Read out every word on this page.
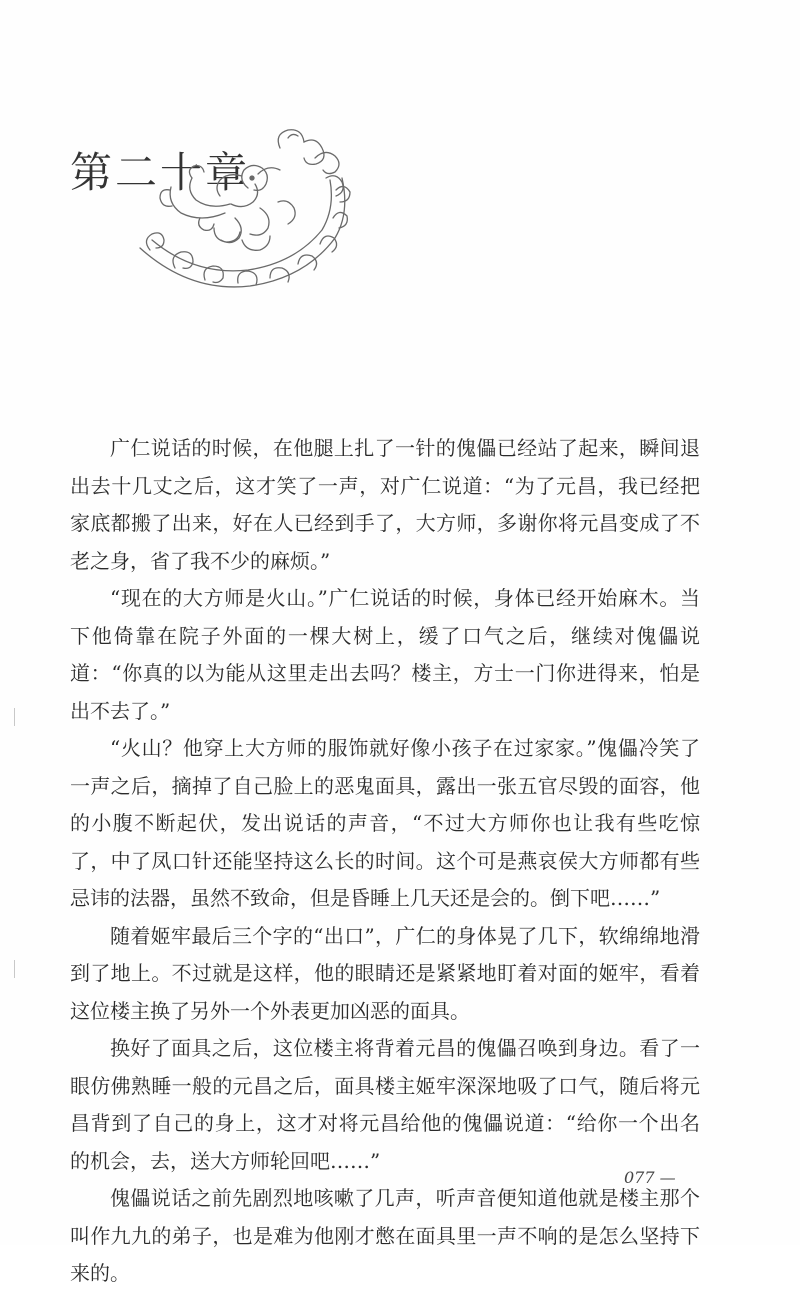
第二十章

广仁说话的时候，在他腿上扎了一针的傀儡已经站了起来，瞬间退出去十几丈之后，这才笑了一声，对广仁说道：“为了元昌，我已经把家底都搬了出来，好在人已经到手了，大方师，多谢你将元昌变成了不老之身，省了我不少的麻烦。”

“现在的大方师是火山。”广仁说话的时候，身体已经开始麻木。当下他倚靠在院子外面的一棵大树上，缓了口气之后，继续对傀儡说道：“你真的以为能从这里走出去吗？楼主，方士一门你进得来，怕是出不去了。”

“火山？他穿上大方师的服饰就好像小孩子在过家家。”傀儡冷笑了一声之后，摘掉了自己脸上的恶鬼面具，露出一张五官尽毁的面容，他的小腹不断起伏，发出说话的声音，“不过大方师你也让我有些吃惊了，中了凤口针还能坚持这么长的时间。这个可是燕哀侯大方师都有些忌讳的法器，虽然不致命，但是昏睡上几天还是会的。倒下吧……”

随着姬牢最后三个字的“出口”，广仁的身体晃了几下，软绵绵地滑到了地上。不过就是这样，他的眼睛还是紧紧地盯着对面的姬牢，看着这位楼主换了另外一个外表更加凶恶的面具。

换好了面具之后，这位楼主将背着元昌的傀儡召唤到身边。看了一眼仿佛熟睡一般的元昌之后，面具楼主姬牢深深地吸了口气，随后将元昌背到了自己的身上，这才对将元昌给他的傀儡说道：“给你一个出名的机会，去，送大方师轮回吧……”

傀儡说话之前先剧烈地咳嗽了几声，听声音便知道他就是楼主那个叫作九九的弟子，也是难为他刚才憋在面具里一声不响的是怎么坚持下来的。

077 —
